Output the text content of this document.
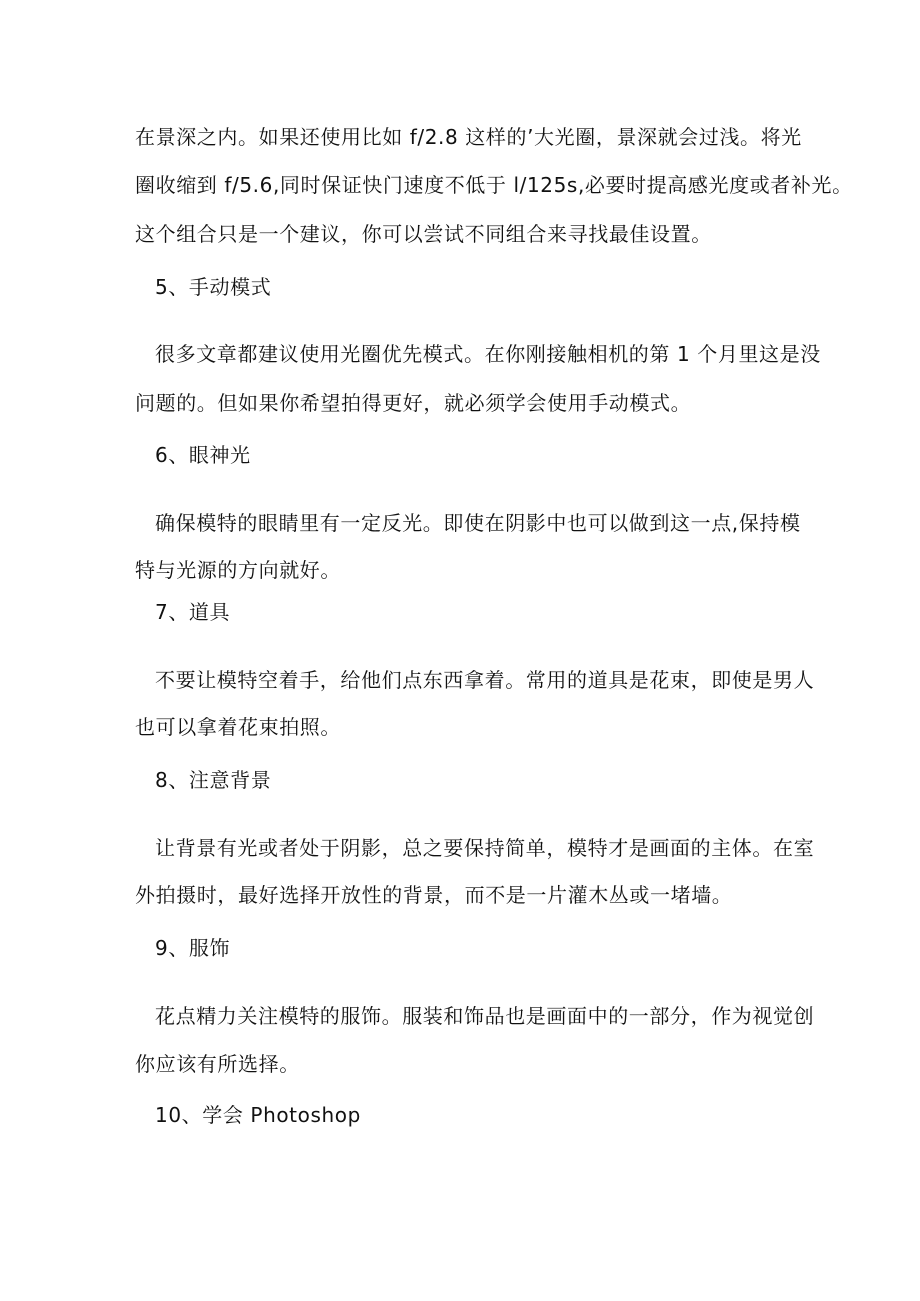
在景深之内。如果还使用比如 f/2.8 这样的’大光圈，景深就会过浅。将光
圈收缩到 f/5.6,同时保证快门速度不低于 l/125s,必要时提高感光度或者补光。
这个组合只是一个建议，你可以尝试不同组合来寻找最佳设置。
5、手动模式
很多文章都建议使用光圈优先模式。在你刚接触相机的第 1 个月里这是没
问题的。但如果你希望拍得更好，就必须学会使用手动模式。
6、眼神光
确保模特的眼睛里有一定反光。即使在阴影中也可以做到这一点,保持模
特与光源的方向就好。
7、道具
不要让模特空着手，给他们点东西拿着。常用的道具是花束，即使是男人
也可以拿着花束拍照。
8、注意背景
让背景有光或者处于阴影，总之要保持简单，模特才是画面的主体。在室
外拍摄时，最好选择开放性的背景，而不是一片灌木丛或一堵墙。
9、服饰
花点精力关注模特的服饰。服装和饰品也是画面中的一部分，作为视觉创
你应该有所选择。
10、学会 Photoshop
